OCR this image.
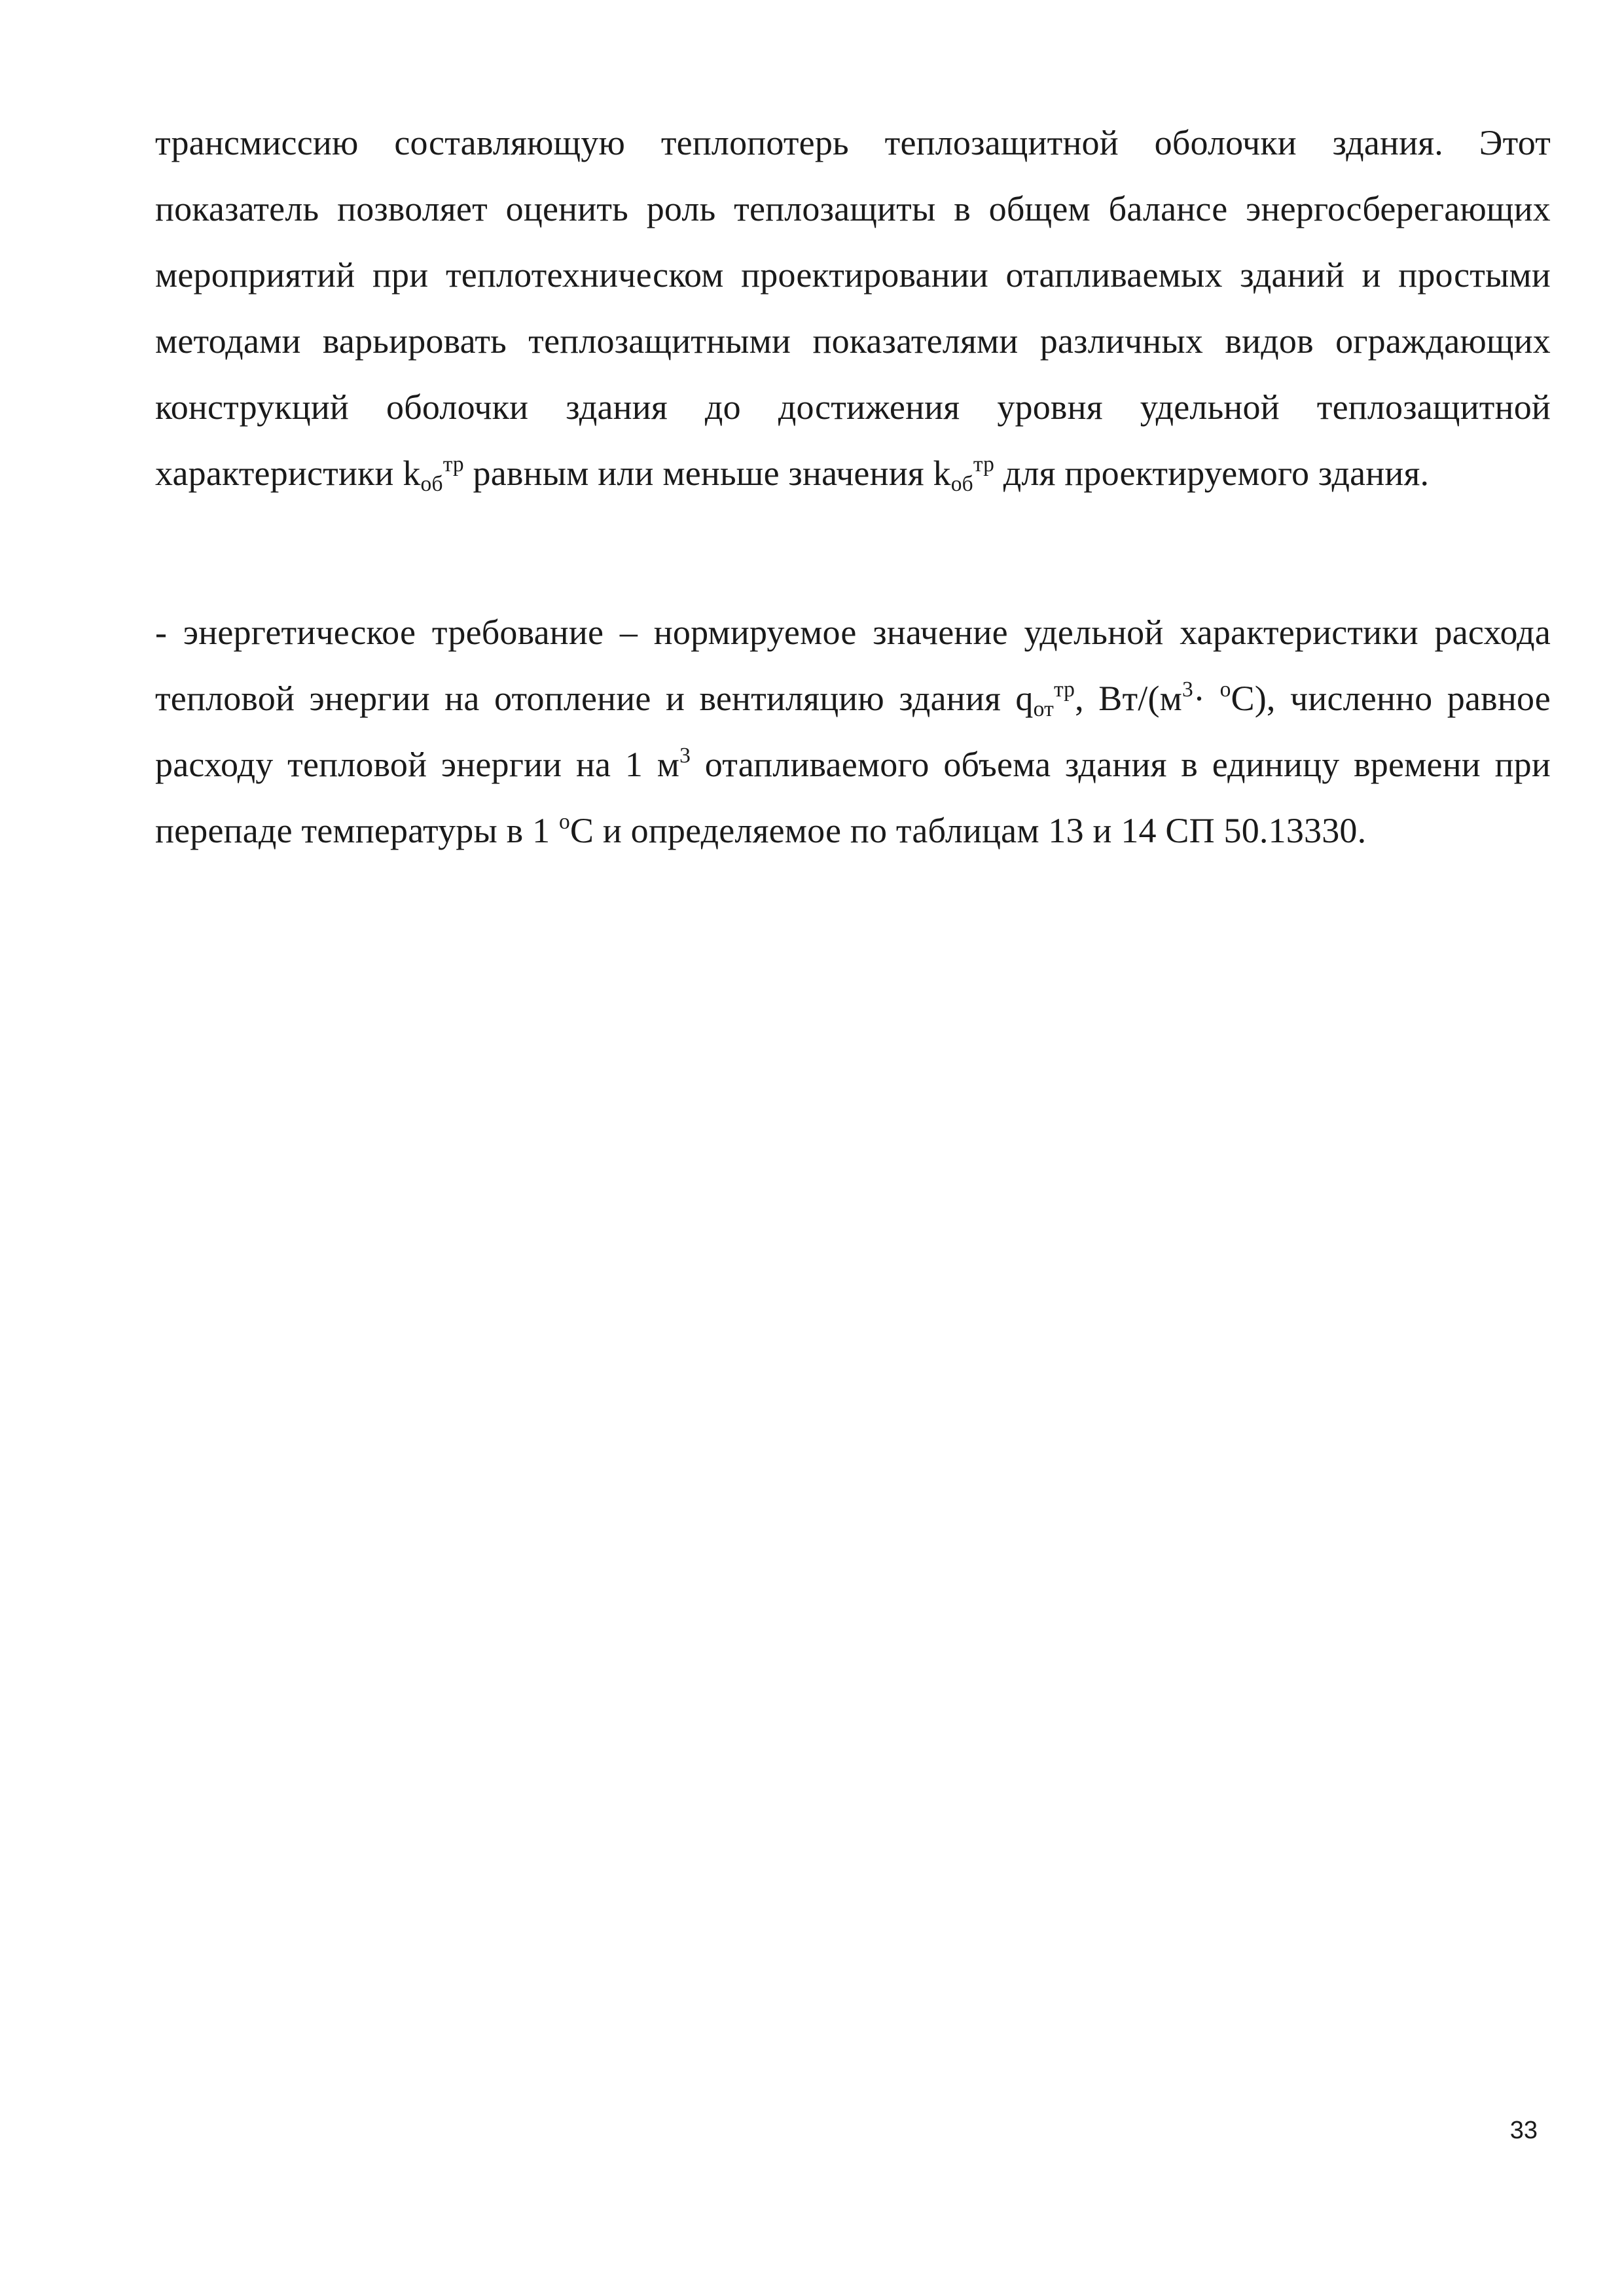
трансмиссию составляющую теплопотерь теплозащитной оболочки здания. Этот показатель позволяет оценить роль теплозащиты в общем балансе энергосберегающих мероприятий при теплотехническом проектировании отапливаемых зданий и простыми методами варьировать теплозащитными показателями различных видов ограждающих конструкций оболочки здания до достижения уровня удельной теплозащитной характеристики $k_{об}^{тр}$ равным или меньше значения $k_{об}^{тр}$ для проектируемого здания.

- энергетическое требование – нормируемое значение удельной характеристики расхода тепловой энергии на отопление и вентиляцию здания $q_{от}^{тр}$, $Вт/(м^3\cdot ^оС)$, численно равное расходу тепловой энергии на 1 $м^3$ отапливаемого объема здания в единицу времени при перепаде температуры в 1 $^о$С и определяемое по таблицам 13 и 14 СП 50.13330.

33
